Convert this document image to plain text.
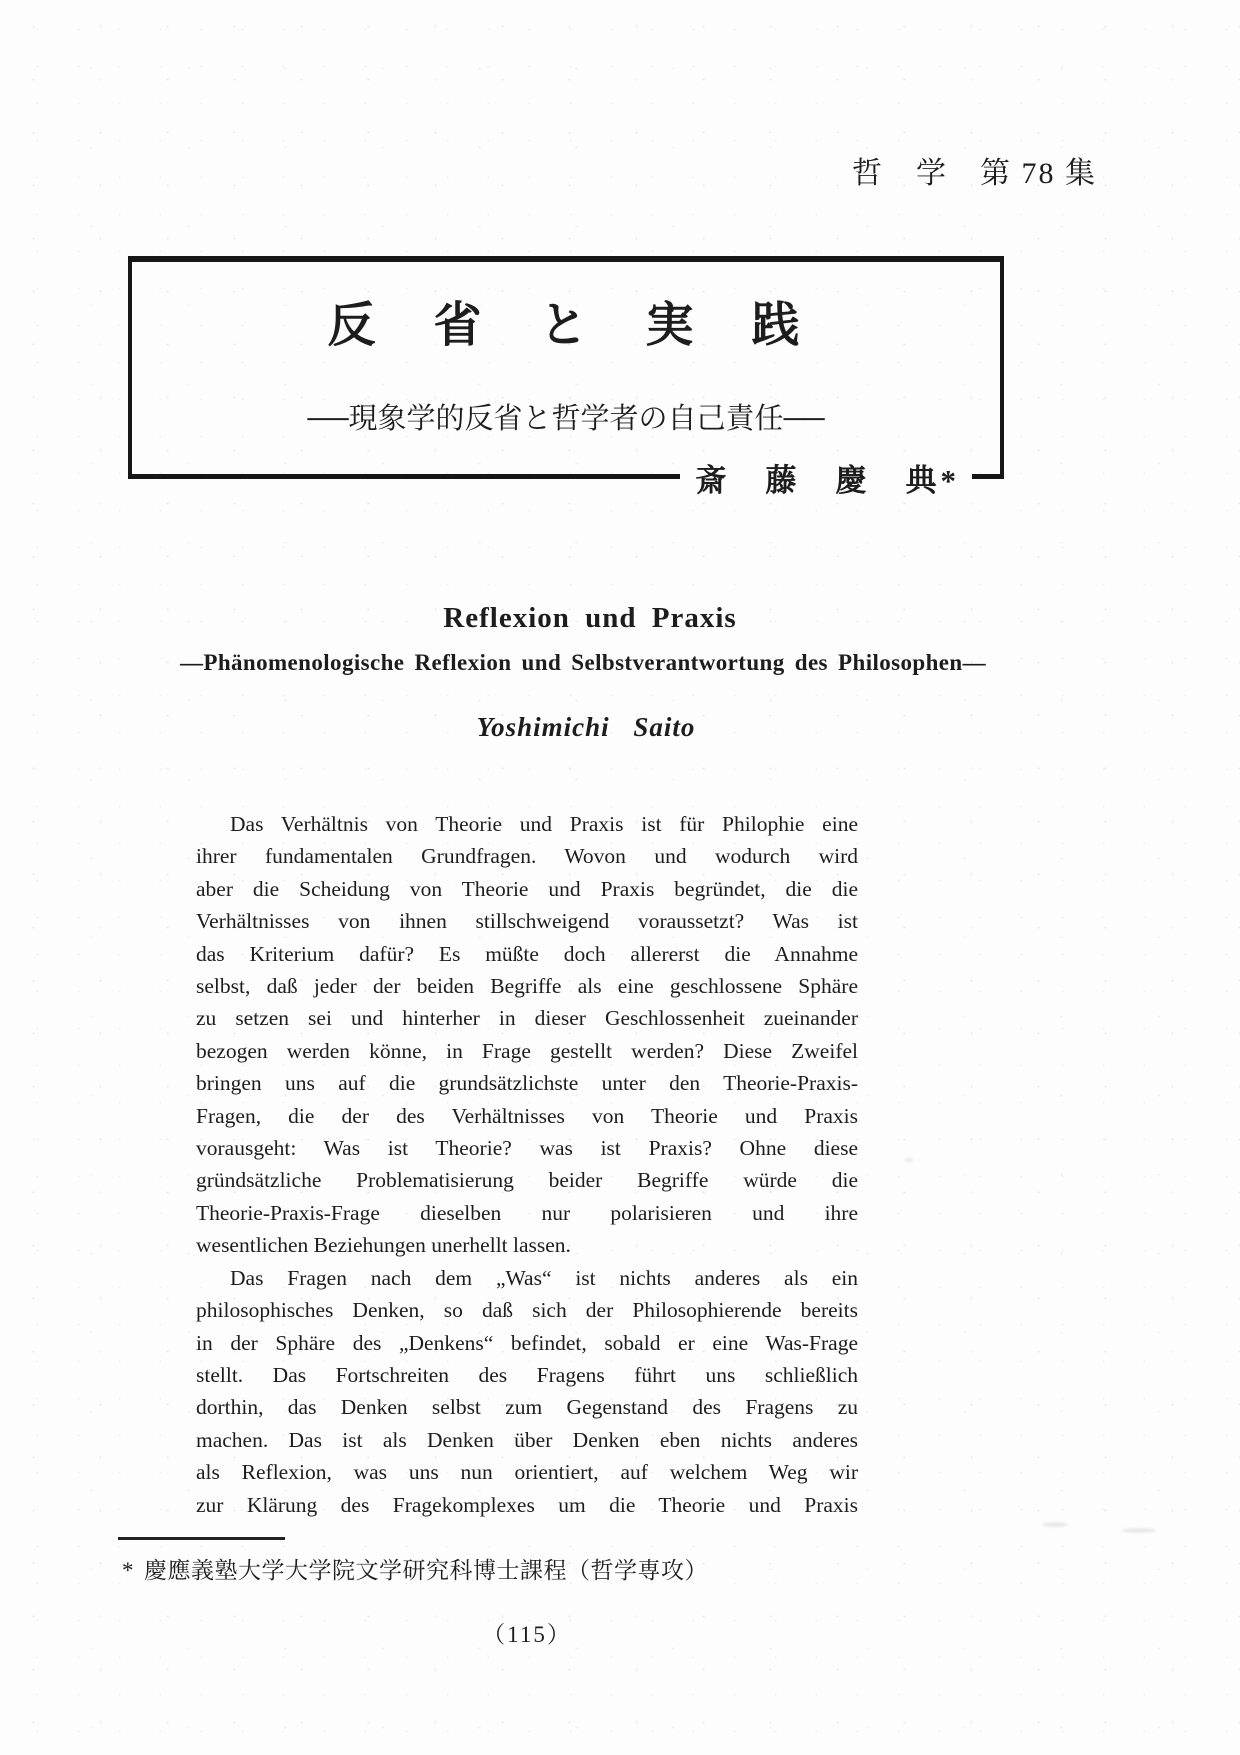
哲　学　第 78 集
反　省　と　実　践
──現象学的反省と哲学者の自己責任──
斎　藤　慶　典*
Reflexion und Praxis
—Phänomenologische Reflexion und Selbstverantwortung des Philosophen—
Yoshimichi Saito
Das Verhältnis von Theorie und Praxis ist für Philophie eine
ihrer fundamentalen Grundfragen. Wovon und wodurch wird
aber die Scheidung von Theorie und Praxis begründet, die die
Verhältnisses von ihnen stillschweigend voraussetzt? Was ist
das Kriterium dafür? Es müßte doch allererst die Annahme
selbst, daß jeder der beiden Begriffe als eine geschlossene Sphäre
zu setzen sei und hinterher in dieser Geschlossenheit zueinander
bezogen werden könne, in Frage gestellt werden? Diese Zweifel
bringen uns auf die grundsätzlichste unter den Theorie-Praxis-
Fragen, die der des Verhältnisses von Theorie und Praxis
vorausgeht: Was ist Theorie? was ist Praxis? Ohne diese
gründsätzliche Problematisierung beider Begriffe würde die
Theorie-Praxis-Frage dieselben nur polarisieren und ihre
wesentlichen Beziehungen unerhellt lassen.
Das Fragen nach dem „Was“ ist nichts anderes als ein
philosophisches Denken, so daß sich der Philosophierende bereits
in der Sphäre des „Denkens“ befindet, sobald er eine Was-Frage
stellt. Das Fortschreiten des Fragens führt uns schließlich
dorthin, das Denken selbst zum Gegenstand des Fragens zu
machen. Das ist als Denken über Denken eben nichts anderes
als Reflexion, was uns nun orientiert, auf welchem Weg wir
zur Klärung des Fragekomplexes um die Theorie und Praxis
* 慶應義塾大学大学院文学研究科博士課程（哲学専攻）
（115）
